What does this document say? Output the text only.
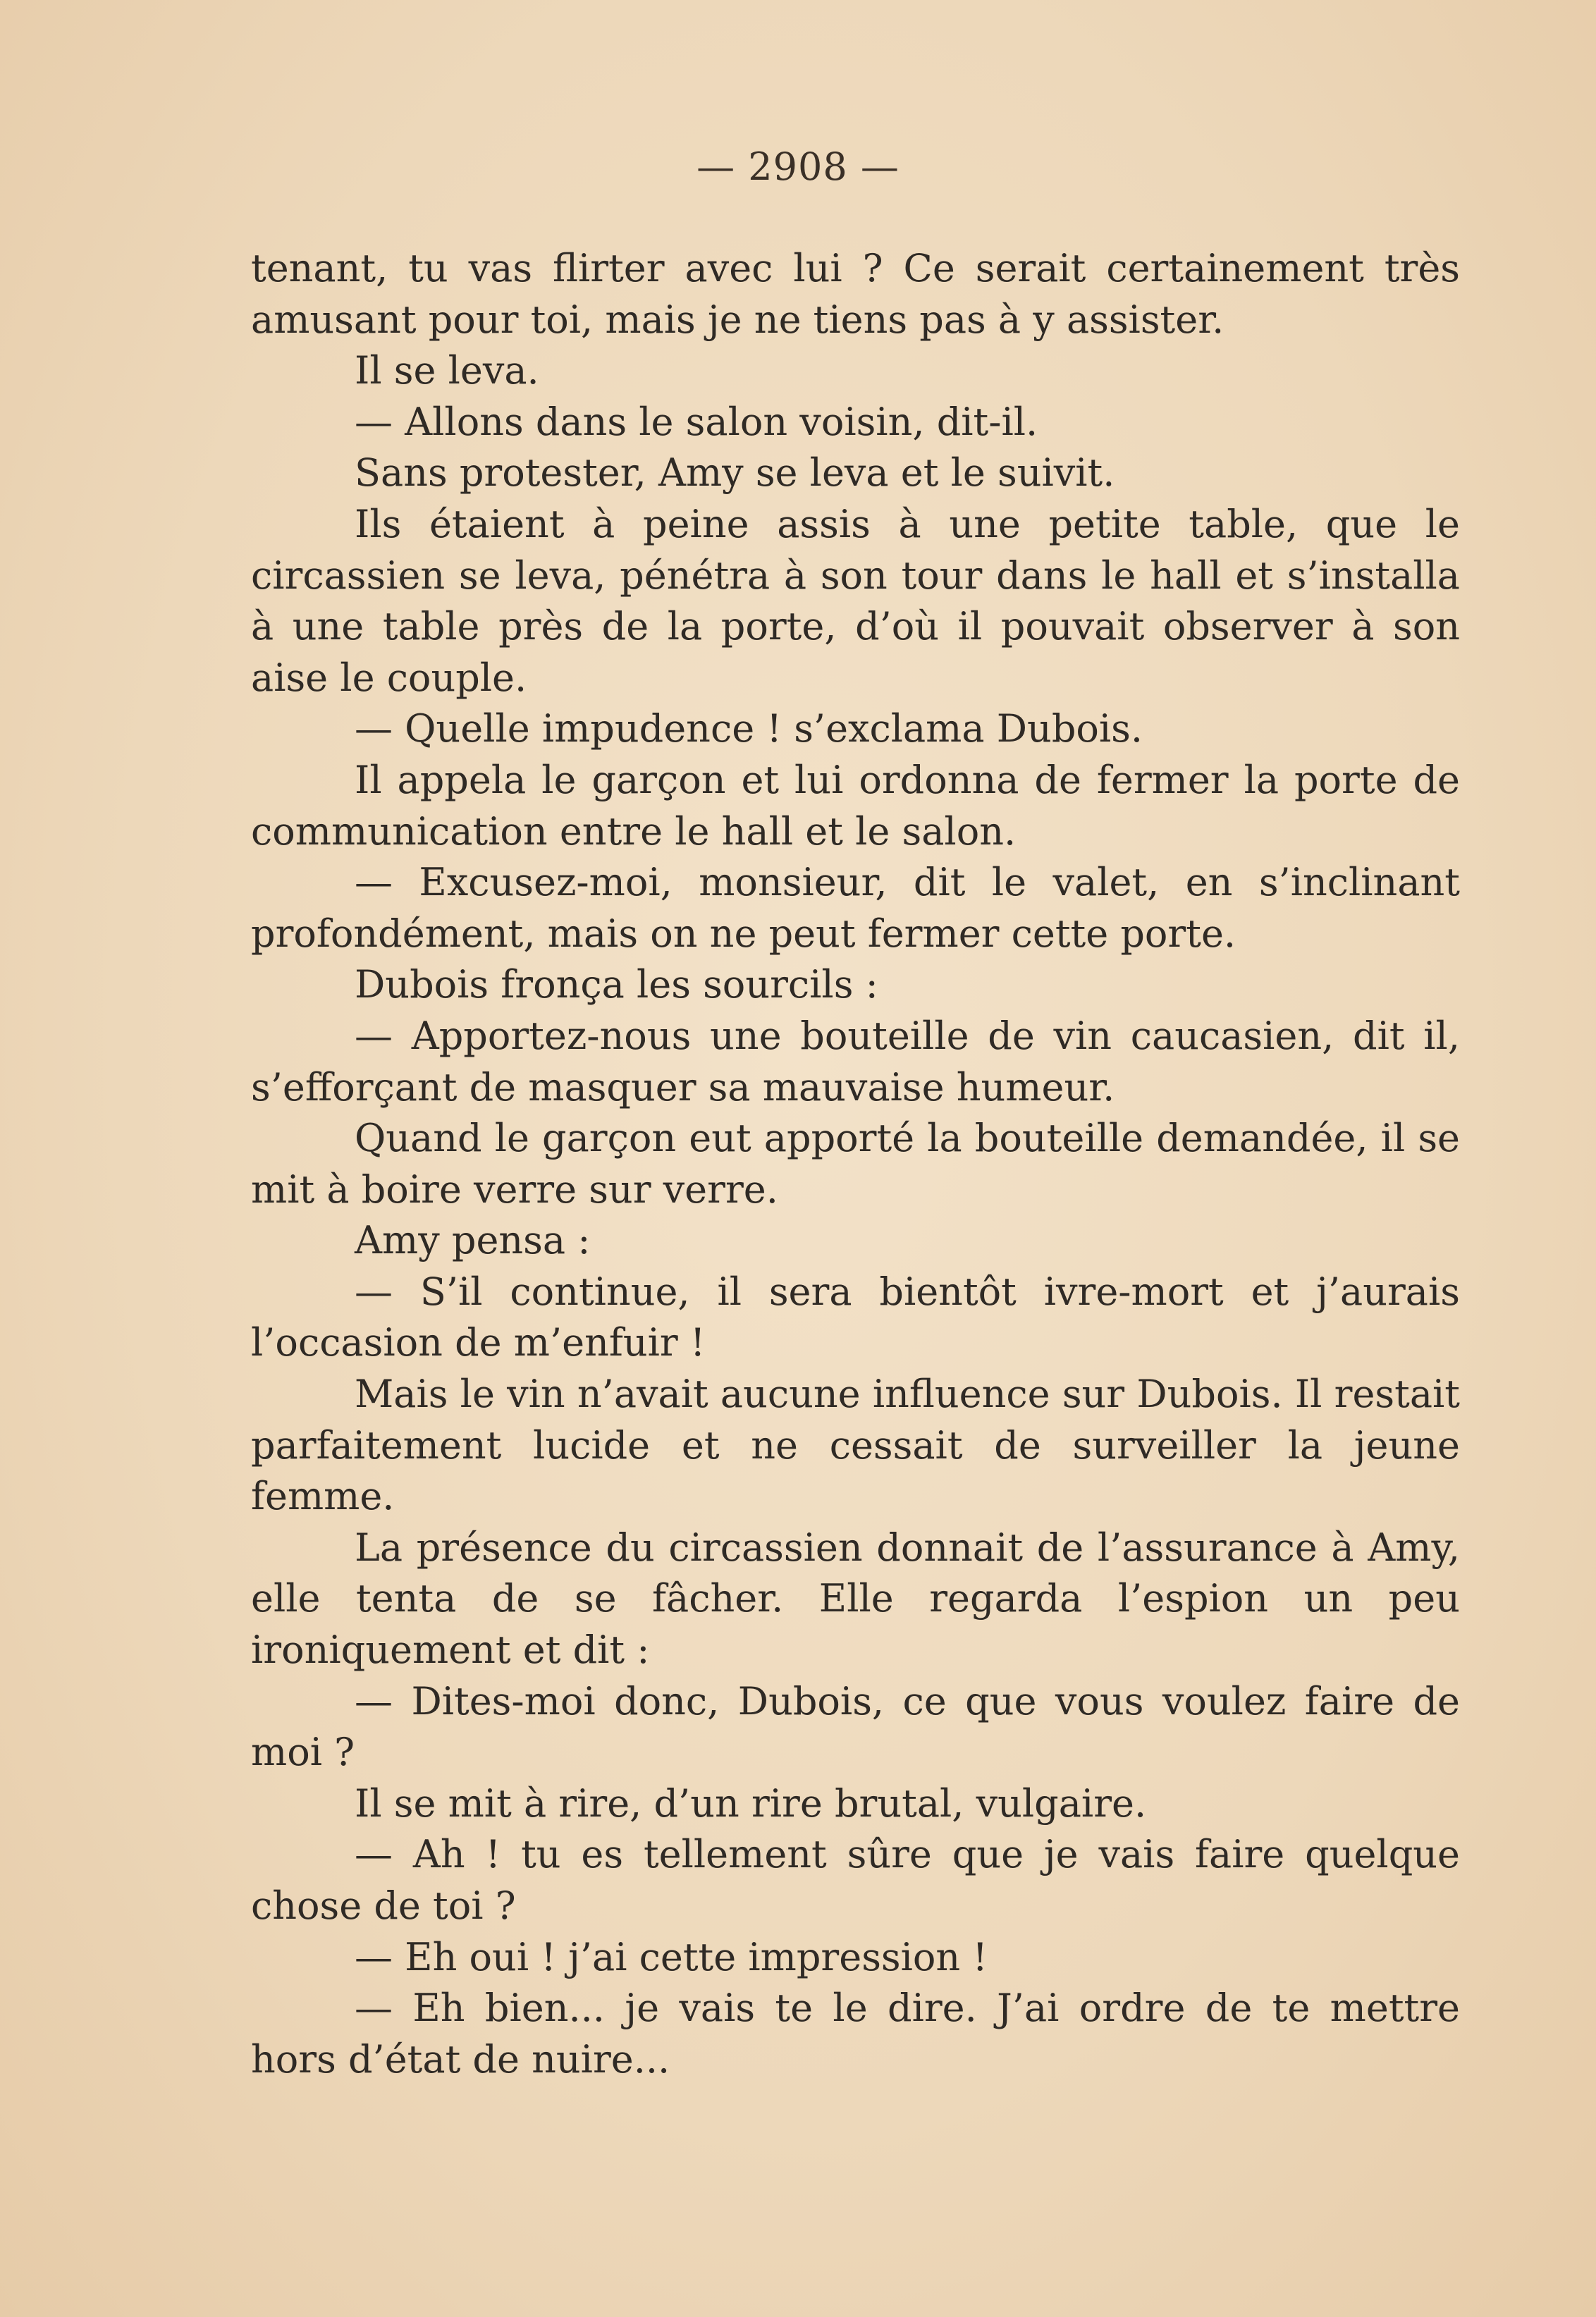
— 2908 —

tenant, tu vas flirter avec lui ? Ce serait certainement très amusant pour toi, mais je ne tiens pas à y assister.

Il se leva.

— Allons dans le salon voisin, dit-il.

Sans protester, Amy se leva et le suivit.

Ils étaient à peine assis à une petite table, que le circassien se leva, pénétra à son tour dans le hall et s’installa à une table près de la porte, d’où il pouvait observer à son aise le couple.

— Quelle impudence ! s’exclama Dubois.

Il appela le garçon et lui ordonna de fermer la porte de communication entre le hall et le salon.

— Excusez-moi, monsieur, dit le valet, en s’inclinant profondément, mais on ne peut fermer cette porte.

Dubois fronça les sourcils :

— Apportez-nous une bouteille de vin caucasien, dit il, s’efforçant de masquer sa mauvaise humeur.

Quand le garçon eut apporté la bouteille demandée, il se mit à boire verre sur verre.

Amy pensa :

— S’il continue, il sera bientôt ivre-mort et j’aurais l’occasion de m’enfuir !

Mais le vin n’avait aucune influence sur Dubois. Il restait parfaitement lucide et ne cessait de surveiller la jeune femme.

La présence du circassien donnait de l’assurance à Amy, elle tenta de se fâcher. Elle regarda l’espion un peu ironiquement et dit :

— Dites-moi donc, Dubois, ce que vous voulez faire de moi ?

Il se mit à rire, d’un rire brutal, vulgaire.

— Ah ! tu es tellement sûre que je vais faire quelque chose de toi ?

— Eh oui ! j’ai cette impression !

— Eh bien... je vais te le dire. J’ai ordre de te mettre hors d’état de nuire...
